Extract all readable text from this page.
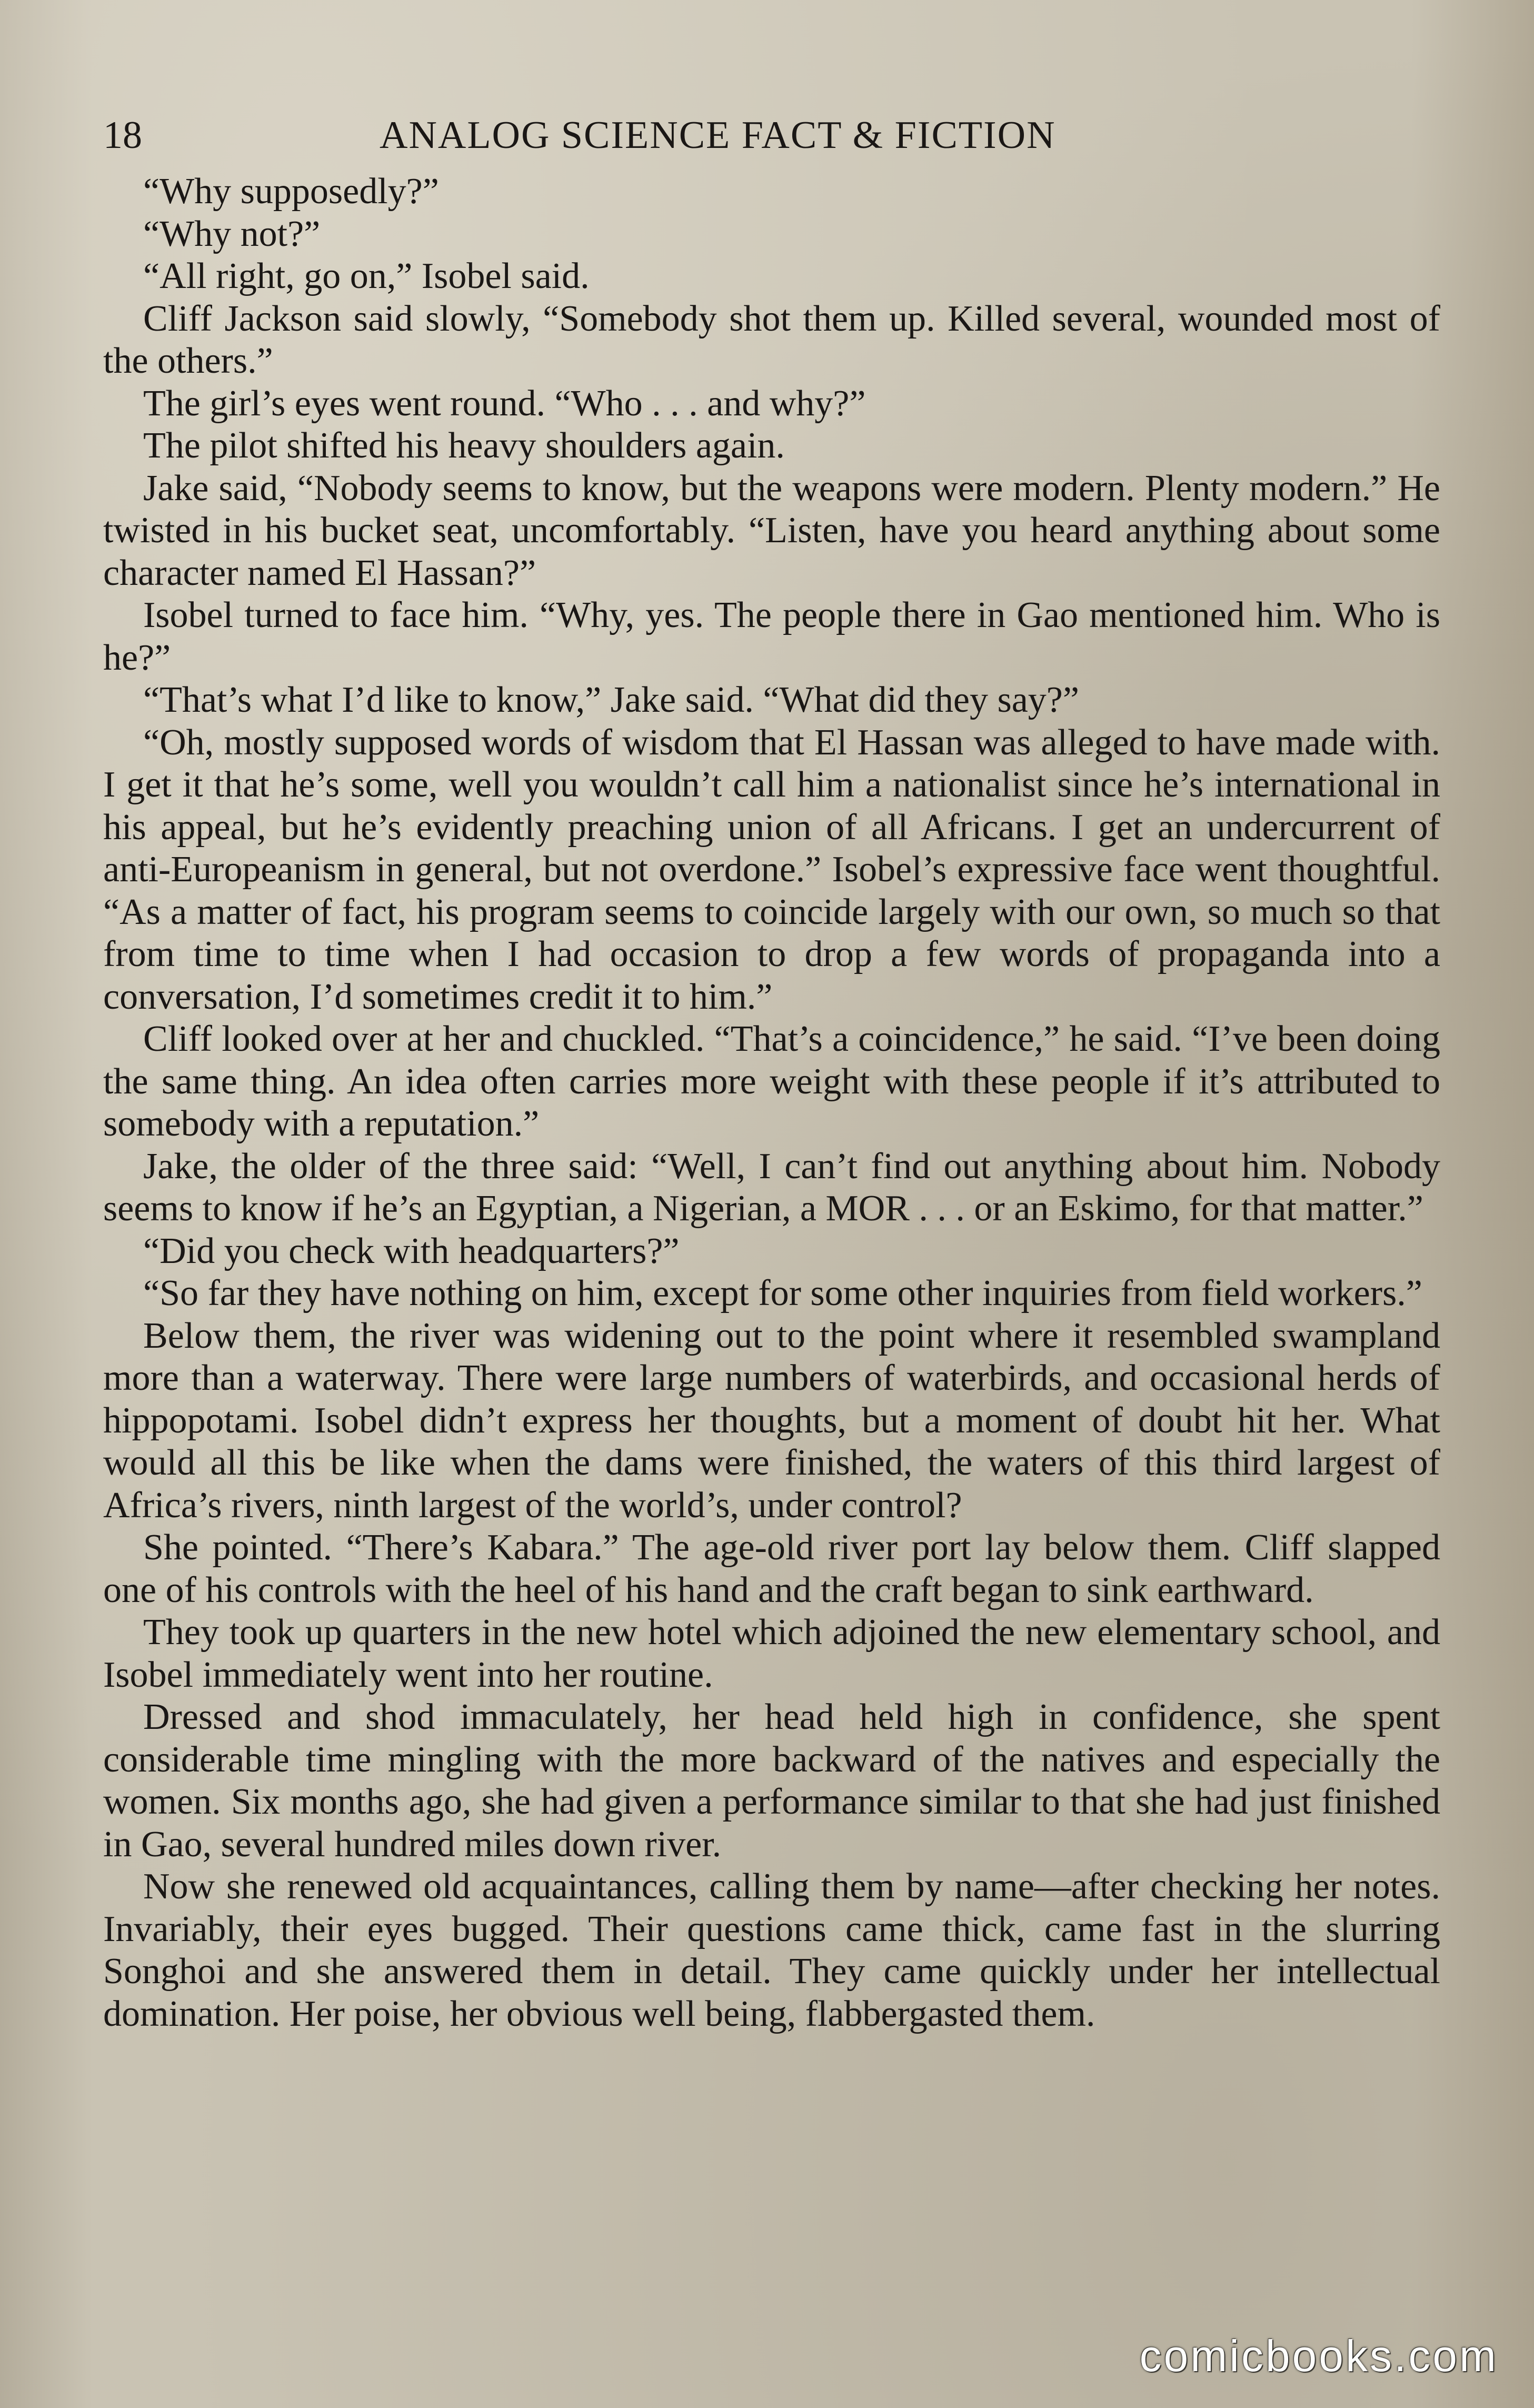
18	ANALOG SCIENCE FACT & FICTION

“Why supposedly?”

“Why not?”

“All right, go on,” Isobel said.

Cliff Jackson said slowly, “Somebody shot them up. Killed several, wounded most of the others.”

The girl’s eyes went round. “Who . . . and why?”

The pilot shifted his heavy shoulders again.

Jake said, “Nobody seems to know, but the weapons were modern. Plenty modern.” He twisted in his bucket seat, uncomfortably. “Listen, have you heard anything about some character named El Hassan?”

Isobel turned to face him. “Why, yes. The people there in Gao mentioned him. Who is he?”

“That’s what I’d like to know,” Jake said. “What did they say?”

“Oh, mostly supposed words of wisdom that El Hassan was alleged to have made with. I get it that he’s some, well you wouldn’t call him a nationalist since he’s international in his appeal, but he’s evidently preaching union of all Africans. I get an undercurrent of anti-Europeanism in general, but not overdone.” Isobel’s expressive face went thoughtful. “As a matter of fact, his program seems to coincide largely with our own, so much so that from time to time when I had occasion to drop a few words of propaganda into a conversation, I’d sometimes credit it to him.”

Cliff looked over at her and chuckled. “That’s a coincidence,” he said. “I’ve been doing the same thing. An idea often carries more weight with these people if it’s attributed to somebody with a reputation.”

Jake, the older of the three said: “Well, I can’t find out anything about him. Nobody seems to know if he’s an Egyptian, a Nigerian, a MOR . . . or an Eskimo, for that matter.”

“Did you check with headquarters?”

“So far they have nothing on him, except for some other inquiries from field workers.”

Below them, the river was widening out to the point where it resembled swampland more than a waterway. There were large numbers of waterbirds, and occasional herds of hippopotami. Isobel didn’t express her thoughts, but a moment of doubt hit her. What would all this be like when the dams were finished, the waters of this third largest of Africa’s rivers, ninth largest of the world’s, under control?

She pointed. “There’s Kabara.” The age-old river port lay below them. Cliff slapped one of his controls with the heel of his hand and the craft began to sink earthward.

They took up quarters in the new hotel which adjoined the new elementary school, and Isobel immediately went into her routine.

Dressed and shod immaculately, her head held high in confidence, she spent considerable time mingling with the more backward of the natives and especially the women. Six months ago, she had given a performance similar to that she had just finished in Gao, several hundred miles down river.

Now she renewed old acquaintances, calling them by name—after checking her notes. Invariably, their eyes bugged. Their questions came thick, came fast in the slurring Songhoi and she answered them in detail. They came quickly under her intellectual domination. Her poise, her obvious well being, flabbergasted them.

comicbooks.com
